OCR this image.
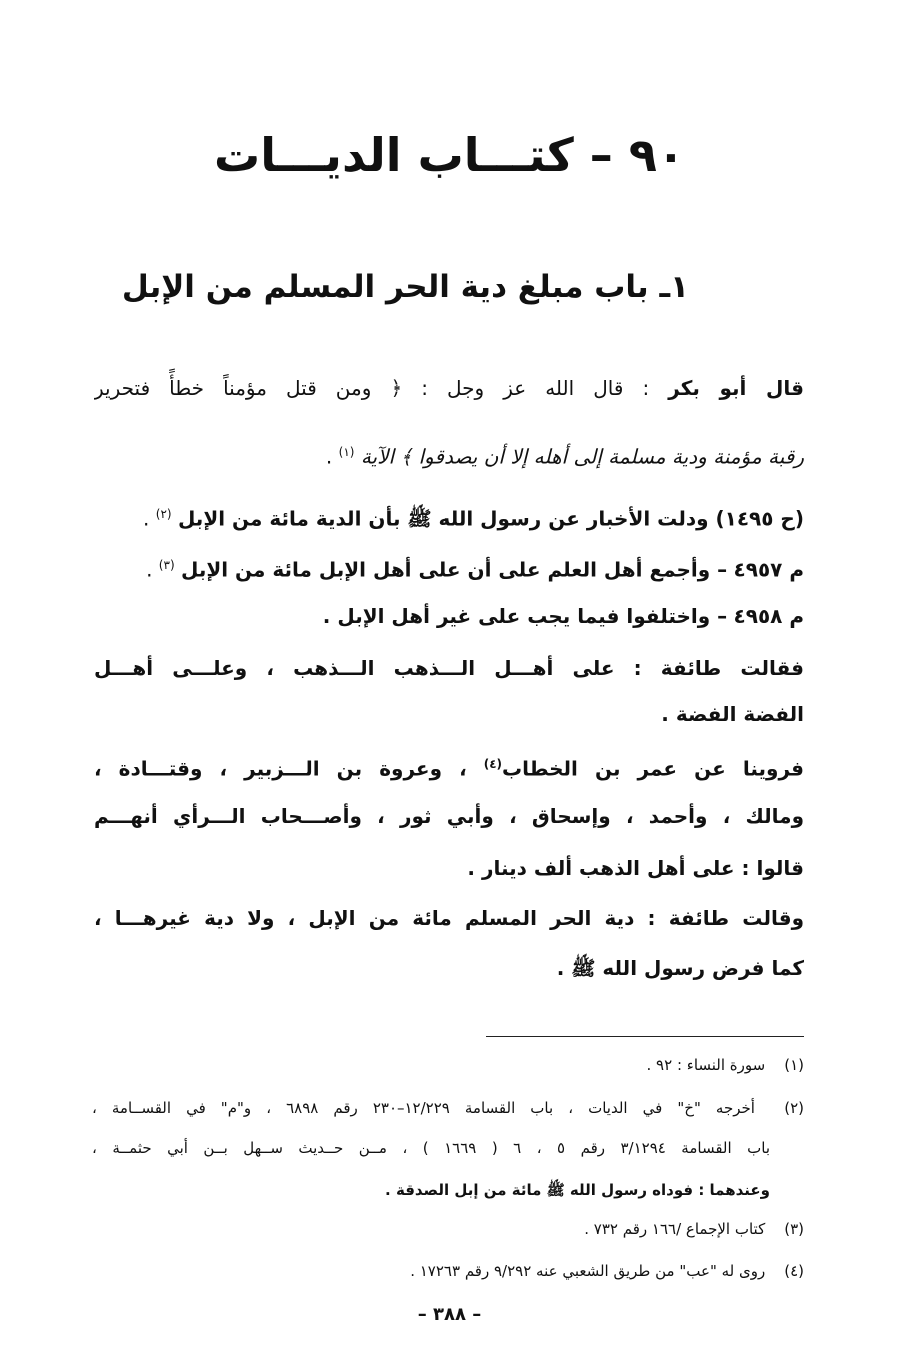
٩٠ – كتـــاب الديـــات
١ـ باب مبلغ دية الحر المسلم من الإبل
قال أبو بكر : قال الله عز وجل : ﴿ ومن قتل مؤمناً خطأً فتحرير
رقبة مؤمنة ودية مسلمة إلى أهله إلا أن يصدقوا ﴾ الآية $^{(١)}$ .
(ح ١٤٩٥) ودلت الأخبار عن رسول الله ﷺ بأن الدية مائة من الإبل $^{(٢)}$ .
م ٤٩٥٧ – وأجمع أهل العلم على أن على أهل الإبل مائة من الإبل $^{(٣)}$ .
م ٤٩٥٨ – واختلفوا فيما يجب على غير أهل الإبل .
فقالت طائفة : على أهـــل الـــذهب الـــذهب ، وعلـــى أهـــل
الفضة الفضة .
فروينا عن عمر بن الخطاب$^{(٤)}$ ، وعروة بن الـــزبير ، وقتـــادة ،
ومالك ، وأحمد ، وإسحاق ، وأبي ثور ، وأصـــحاب الـــرأي أنهـــم
قالوا : على أهل الذهب ألف دينار .
وقالت طائفة : دية الحر المسلم مائة من الإبل ، ولا دية غيرهـــا ،
كما فرض رسول الله ﷺ .
(١) سورة النساء : ٩٢ .
(٢) أخرجه "خ" في الديات ، باب القسامة ١٢/٢٢٩–٢٣٠ رقم ٦٨٩٨ ، و"م" في القســامة ،
باب القسامة ٣/١٢٩٤ رقم ٥ ، ٦ ( ١٦٦٩ ) ، مــن حــديث ســهل بــن أبي حثمــة ،
وعندهما : فوداه رسول الله ﷺ مائة من إبل الصدقة .
(٣) كتاب الإجماع /١٦٦ رقم ٧٣٢ .
(٤) روى له "عب" من طريق الشعبي عنه ٩/٢٩٢ رقم ١٧٢٦٣ .
– ٣٨٨ –
